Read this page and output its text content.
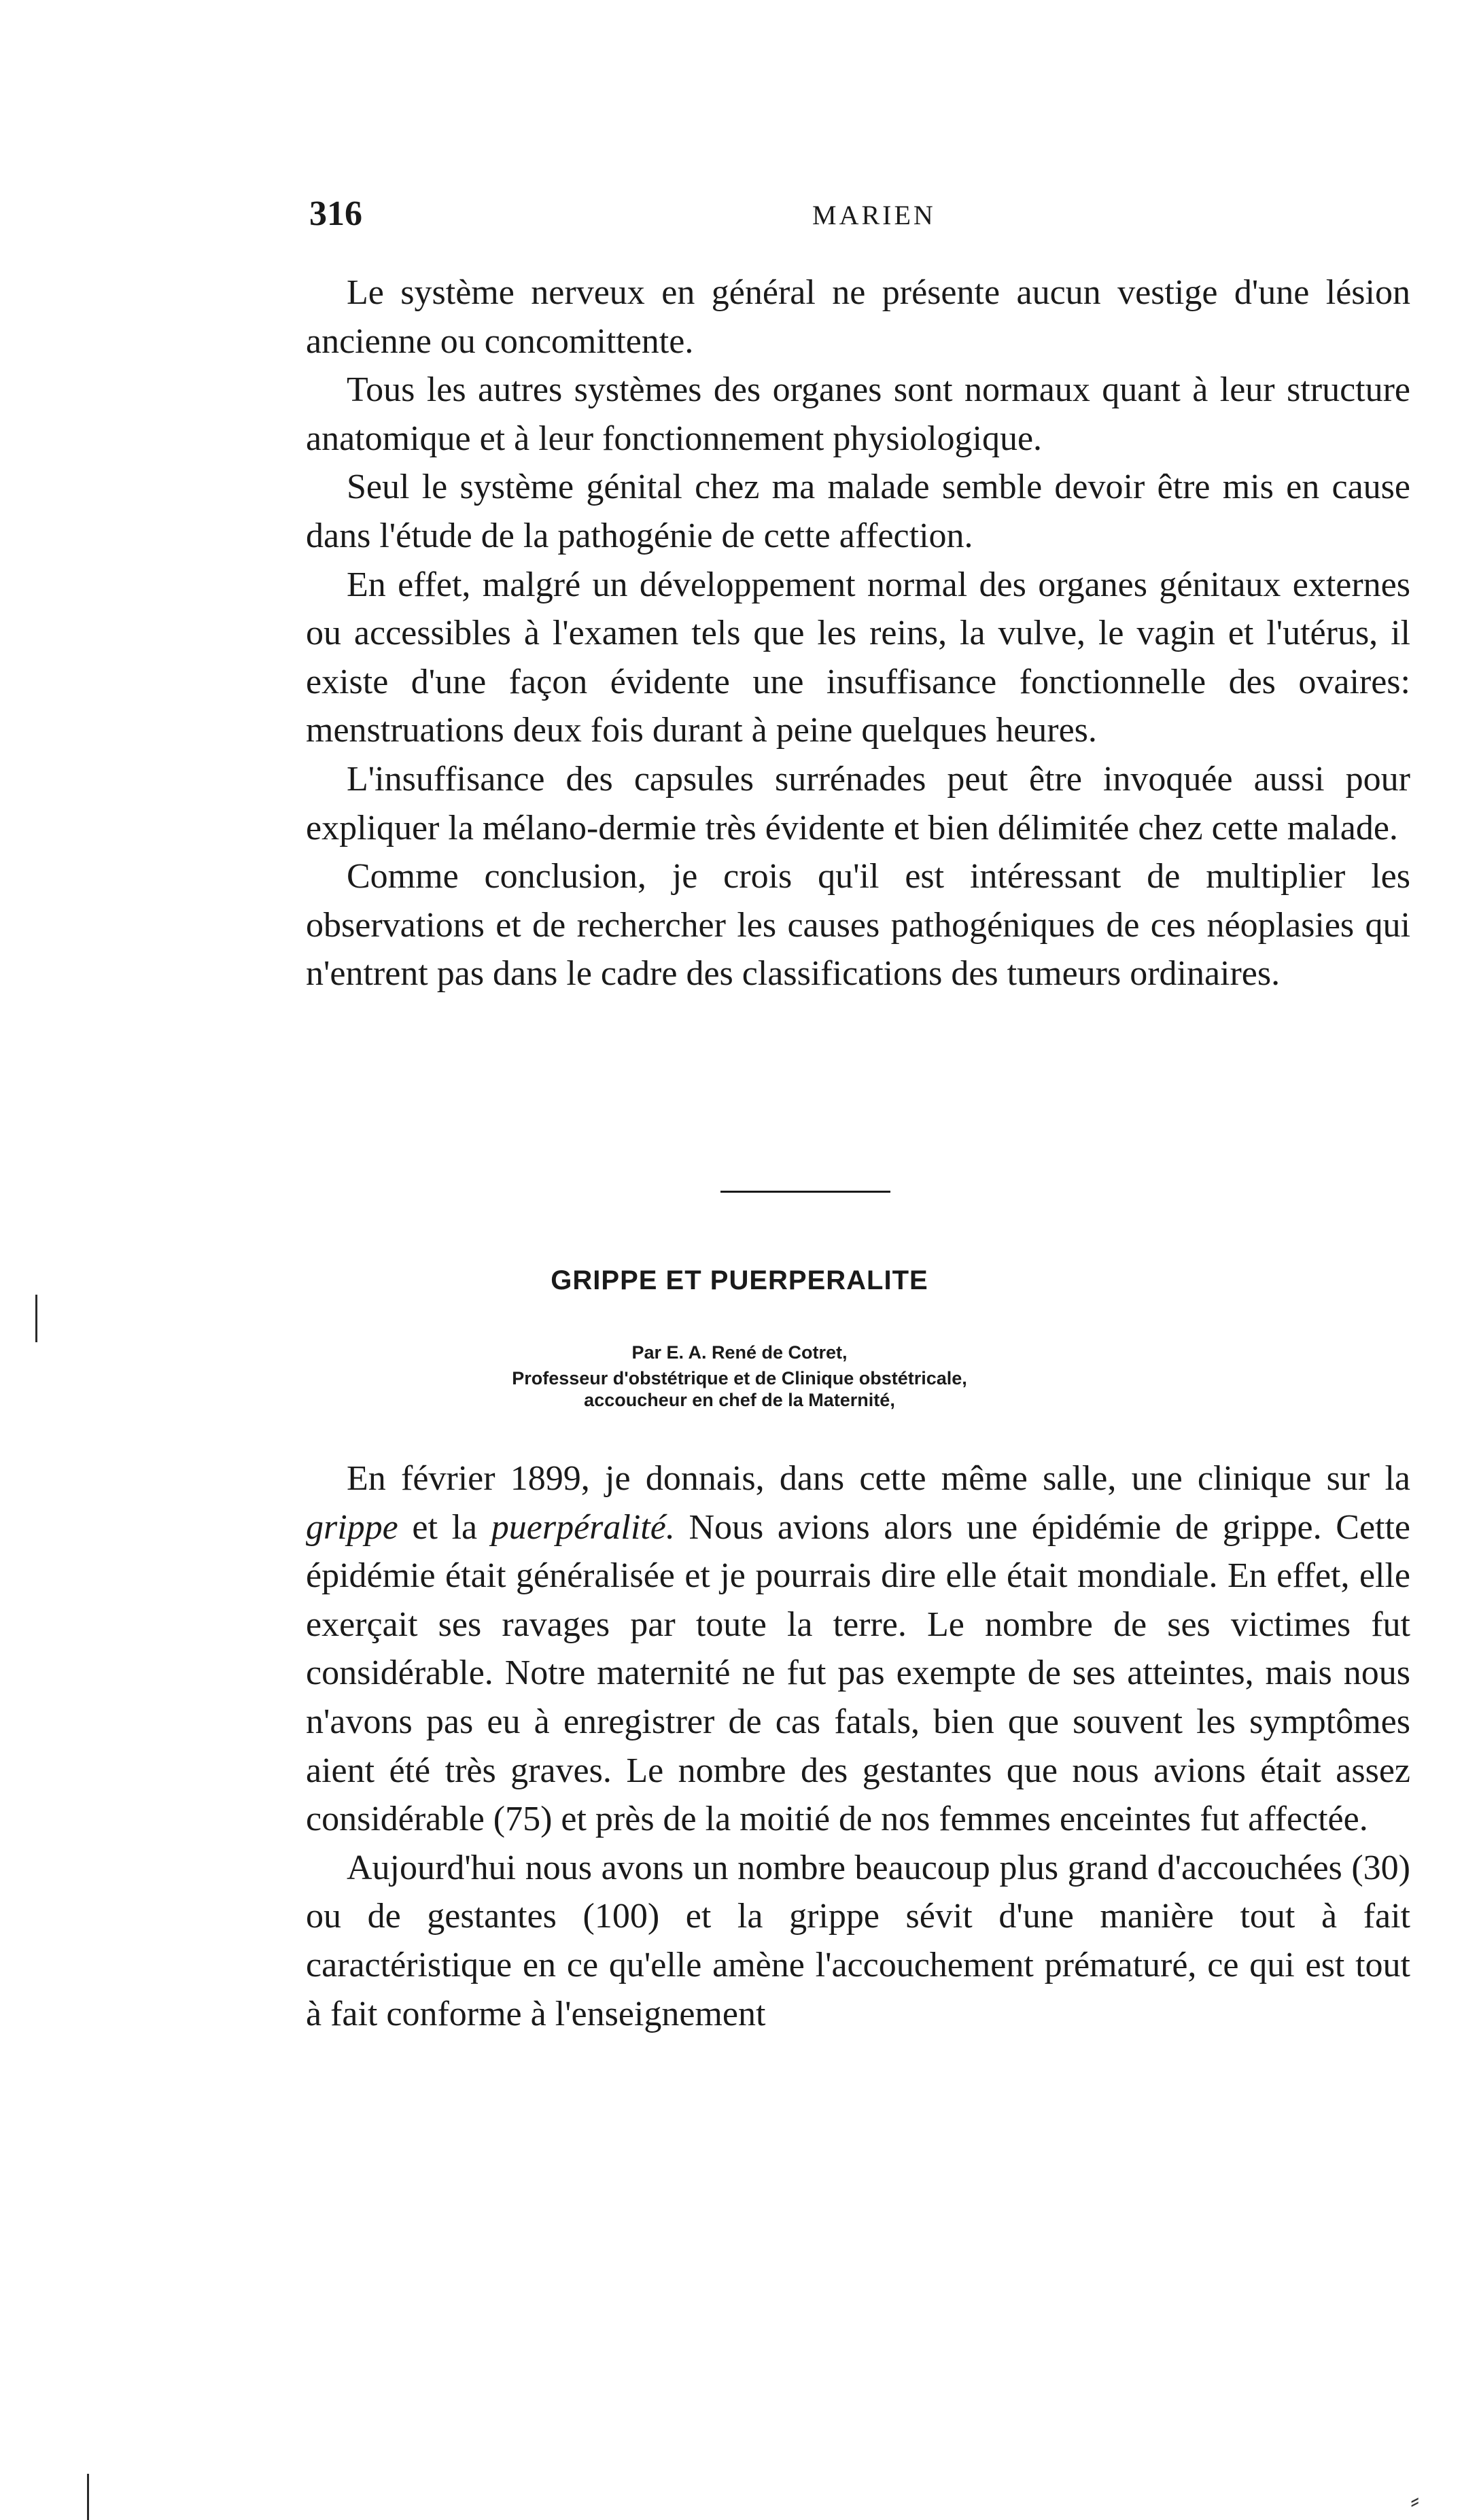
316	MARIEN

Le système nerveux en général ne présente aucun vestige d'une lésion ancienne ou concomittente.

Tous les autres systèmes des organes sont normaux quant à leur structure anatomique et à leur fonctionnement physiologique.

Seul le système génital chez ma malade semble devoir être mis en cause dans l'étude de la pathogénie de cette affection.

En effet, malgré un développement normal des organes génitaux externes ou accessibles à l'examen tels que les reins, la vulve, le vagin et l'utérus, il existe d'une façon évidente une insuffisance fonctionnelle des ovaires: menstruations deux fois durant à peine quelques heures.

L'insuffisance des capsules surrénades peut être invoquée aussi pour expliquer la mélano-dermie très évidente et bien délimitée chez cette malade.

Comme conclusion, je crois qu'il est intéressant de multiplier les observations et de rechercher les causes pathogéniques de ces néoplasies qui n'entrent pas dans le cadre des classifications des tumeurs ordinaires.

GRIPPE ET PUERPERALITE
Par E. A. René de Cotret,
Professeur d'obstétrique et de Clinique obstétricale,
accoucheur en chef de la Maternité,

En février 1899, je donnais, dans cette même salle, une clinique sur la grippe et la puerpéralité. Nous avions alors une épidémie de grippe. Cette épidémie était généralisée et je pourrais dire elle était mondiale. En effet, elle exerçait ses ravages par toute la terre. Le nombre de ses victimes fut considérable. Notre maternité ne fut pas exempte de ses atteintes, mais nous n'avons pas eu à enregistrer de cas fatals, bien que souvent les symptômes aient été très graves. Le nombre des gestantes que nous avions était assez considérable (75) et près de la moitié de nos femmes enceintes fut affectée.

Aujourd'hui nous avons un nombre beaucoup plus grand d'accouchées (30) ou de gestantes (100) et la grippe sévit d'une manière tout à fait caractéristique en ce qu'elle amène l'accouchement prématuré, ce qui est tout à fait conforme à l'enseignement

⸗
